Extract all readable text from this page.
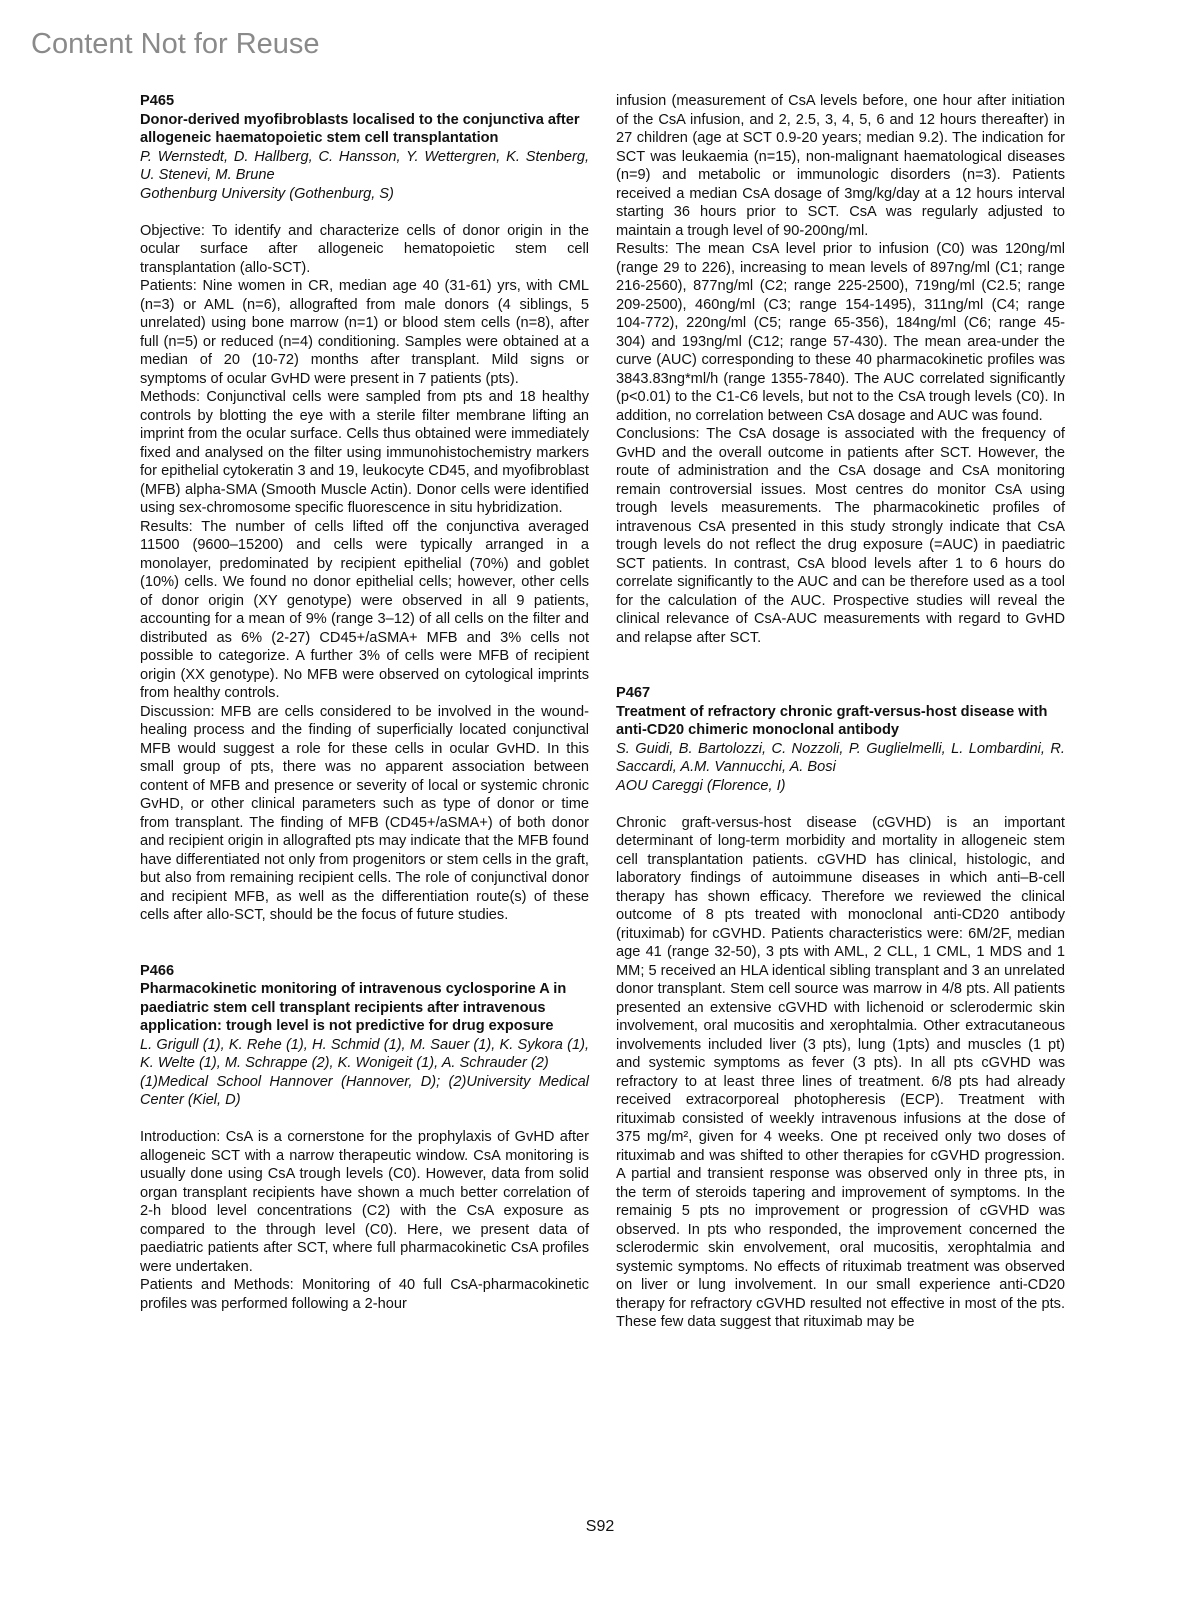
Content Not for Reuse
P465
Donor-derived myofibroblasts localised to the conjunctiva after allogeneic haematopoietic stem cell transplantation
P. Wernstedt, D. Hallberg, C. Hansson, Y. Wettergren, K. Stenberg, U. Stenevi, M. Brune
Gothenburg University (Gothenburg, S)

Objective: To identify and characterize cells of donor origin in the ocular surface after allogeneic hematopoietic stem cell transplantation (allo-SCT).

Patients: Nine women in CR, median age 40 (31-61) yrs, with CML (n=3) or AML (n=6), allografted from male donors (4 siblings, 5 unrelated) using bone marrow (n=1) or blood stem cells (n=8), after full (n=5) or reduced (n=4) conditioning. Samples were obtained at a median of 20 (10-72) months after transplant. Mild signs or symptoms of ocular GvHD were present in 7 patients (pts).

Methods: Conjunctival cells were sampled from pts and 18 healthy controls by blotting the eye with a sterile filter membrane lifting an imprint from the ocular surface. Cells thus obtained were immediately fixed and analysed on the filter using immunohistochemistry markers for epithelial cytokeratin 3 and 19, leukocyte CD45, and myofibroblast (MFB) alpha-SMA (Smooth Muscle Actin). Donor cells were identified using sex-chromosome specific fluorescence in situ hybridization.

Results: The number of cells lifted off the conjunctiva averaged 11500 (9600–15200) and cells were typically arranged in a monolayer, predominated by recipient epithelial (70%) and goblet (10%) cells. We found no donor epithelial cells; however, other cells of donor origin (XY genotype) were observed in all 9 patients, accounting for a mean of 9% (range 3–12) of all cells on the filter and distributed as 6% (2-27) CD45+/aSMA+ MFB and 3% cells not possible to categorize. A further 3% of cells were MFB of recipient origin (XX genotype). No MFB were observed on cytological imprints from healthy controls.

Discussion: MFB are cells considered to be involved in the wound-healing process and the finding of superficially located conjunctival MFB would suggest a role for these cells in ocular GvHD. In this small group of pts, there was no apparent association between content of MFB and presence or severity of local or systemic chronic GvHD, or other clinical parameters such as type of donor or time from transplant. The finding of MFB (CD45+/aSMA+) of both donor and recipient origin in allografted pts may indicate that the MFB found have differentiated not only from progenitors or stem cells in the graft, but also from remaining recipient cells. The role of conjunctival donor and recipient MFB, as well as the differentiation route(s) of these cells after allo-SCT, should be the focus of future studies.

P466
Pharmacokinetic monitoring of intravenous cyclosporine A in paediatric stem cell transplant recipients after intravenous application: trough level is not predictive for drug exposure
L. Grigull (1), K. Rehe (1), H. Schmid (1), M. Sauer (1), K. Sykora (1), K. Welte (1), M. Schrappe (2), K. Wonigeit (1), A. Schrauder (2)
(1)Medical School Hannover (Hannover, D); (2)University Medical Center (Kiel, D)

Introduction: CsA is a cornerstone for the prophylaxis of GvHD after allogeneic SCT with a narrow therapeutic window. CsA monitoring is usually done using CsA trough levels (C0). However, data from solid organ transplant recipients have shown a much better correlation of 2-h blood level concentrations (C2) with the CsA exposure as compared to the through level (C0). Here, we present data of paediatric patients after SCT, where full pharmacokinetic CsA profiles were undertaken.

Patients and Methods: Monitoring of 40 full CsA-pharmacokinetic profiles was performed following a 2-hour

infusion (measurement of CsA levels before, one hour after initiation of the CsA infusion, and 2, 2.5, 3, 4, 5, 6 and 12 hours thereafter) in 27 children (age at SCT 0.9-20 years; median 9.2). The indication for SCT was leukaemia (n=15), non-malignant haematological diseases (n=9) and metabolic or immunologic disorders (n=3). Patients received a median CsA dosage of 3mg/kg/day at a 12 hours interval starting 36 hours prior to SCT. CsA was regularly adjusted to maintain a trough level of 90-200ng/ml.

Results: The mean CsA level prior to infusion (C0) was 120ng/ml (range 29 to 226), increasing to mean levels of 897ng/ml (C1; range 216-2560), 877ng/ml (C2; range 225-2500), 719ng/ml (C2.5; range 209-2500), 460ng/ml (C3; range 154-1495), 311ng/ml (C4; range 104-772), 220ng/ml (C5; range 65-356), 184ng/ml (C6; range 45-304) and 193ng/ml (C12; range 57-430). The mean area-under the curve (AUC) corresponding to these 40 pharmacokinetic profiles was 3843.83ng*ml/h (range 1355-7840). The AUC correlated significantly (p<0.01) to the C1-C6 levels, but not to the CsA trough levels (C0). In addition, no correlation between CsA dosage and AUC was found.

Conclusions: The CsA dosage is associated with the frequency of GvHD and the overall outcome in patients after SCT. However, the route of administration and the CsA dosage and CsA monitoring remain controversial issues. Most centres do monitor CsA using trough levels measurements. The pharmacokinetic profiles of intravenous CsA presented in this study strongly indicate that CsA trough levels do not reflect the drug exposure (=AUC) in paediatric SCT patients. In contrast, CsA blood levels after 1 to 6 hours do correlate significantly to the AUC and can be therefore used as a tool for the calculation of the AUC. Prospective studies will reveal the clinical relevance of CsA-AUC measurements with regard to GvHD and relapse after SCT.

P467
Treatment of refractory chronic graft-versus-host disease with anti-CD20 chimeric monoclonal antibody
S. Guidi, B. Bartolozzi, C. Nozzoli, P. Guglielmelli, L. Lombardini, R. Saccardi, A.M. Vannucchi, A. Bosi
AOU Careggi (Florence, I)

Chronic graft-versus-host disease (cGVHD) is an important determinant of long-term morbidity and mortality in allogeneic stem cell transplantation patients. cGVHD has clinical, histologic, and laboratory findings of autoimmune diseases in which anti–B-cell therapy has shown efficacy. Therefore we reviewed the clinical outcome of 8 pts treated with monoclonal anti-CD20 antibody (rituximab) for cGVHD. Patients characteristics were: 6M/2F, median age 41 (range 32-50), 3 pts with AML, 2 CLL, 1 CML, 1 MDS and 1 MM; 5 received an HLA identical sibling transplant and 3 an unrelated donor transplant. Stem cell source was marrow in 4/8 pts. All patients presented an extensive cGVHD with lichenoid or sclerodermic skin involvement, oral mucositis and xerophtalmia. Other extracutaneous involvements included liver (3 pts), lung (1pts) and muscles (1 pt) and systemic symptoms as fever (3 pts). In all pts cGVHD was refractory to at least three lines of treatment. 6/8 pts had already received extracorporeal photopheresis (ECP). Treatment with rituximab consisted of weekly intravenous infusions at the dose of 375 mg/m², given for 4 weeks. One pt received only two doses of rituximab and was shifted to other therapies for cGVHD progression. A partial and transient response was observed only in three pts, in the term of steroids tapering and improvement of symptoms. In the remainig 5 pts no improvement or progression of cGVHD was observed. In pts who responded, the improvement concerned the sclerodermic skin envolvement, oral mucositis, xerophtalmia and systemic symptoms. No effects of rituximab treatment was observed on liver or lung involvement. In our small experience anti-CD20 therapy for refractory cGVHD resulted not effective in most of the pts. These few data suggest that rituximab may be

S92
